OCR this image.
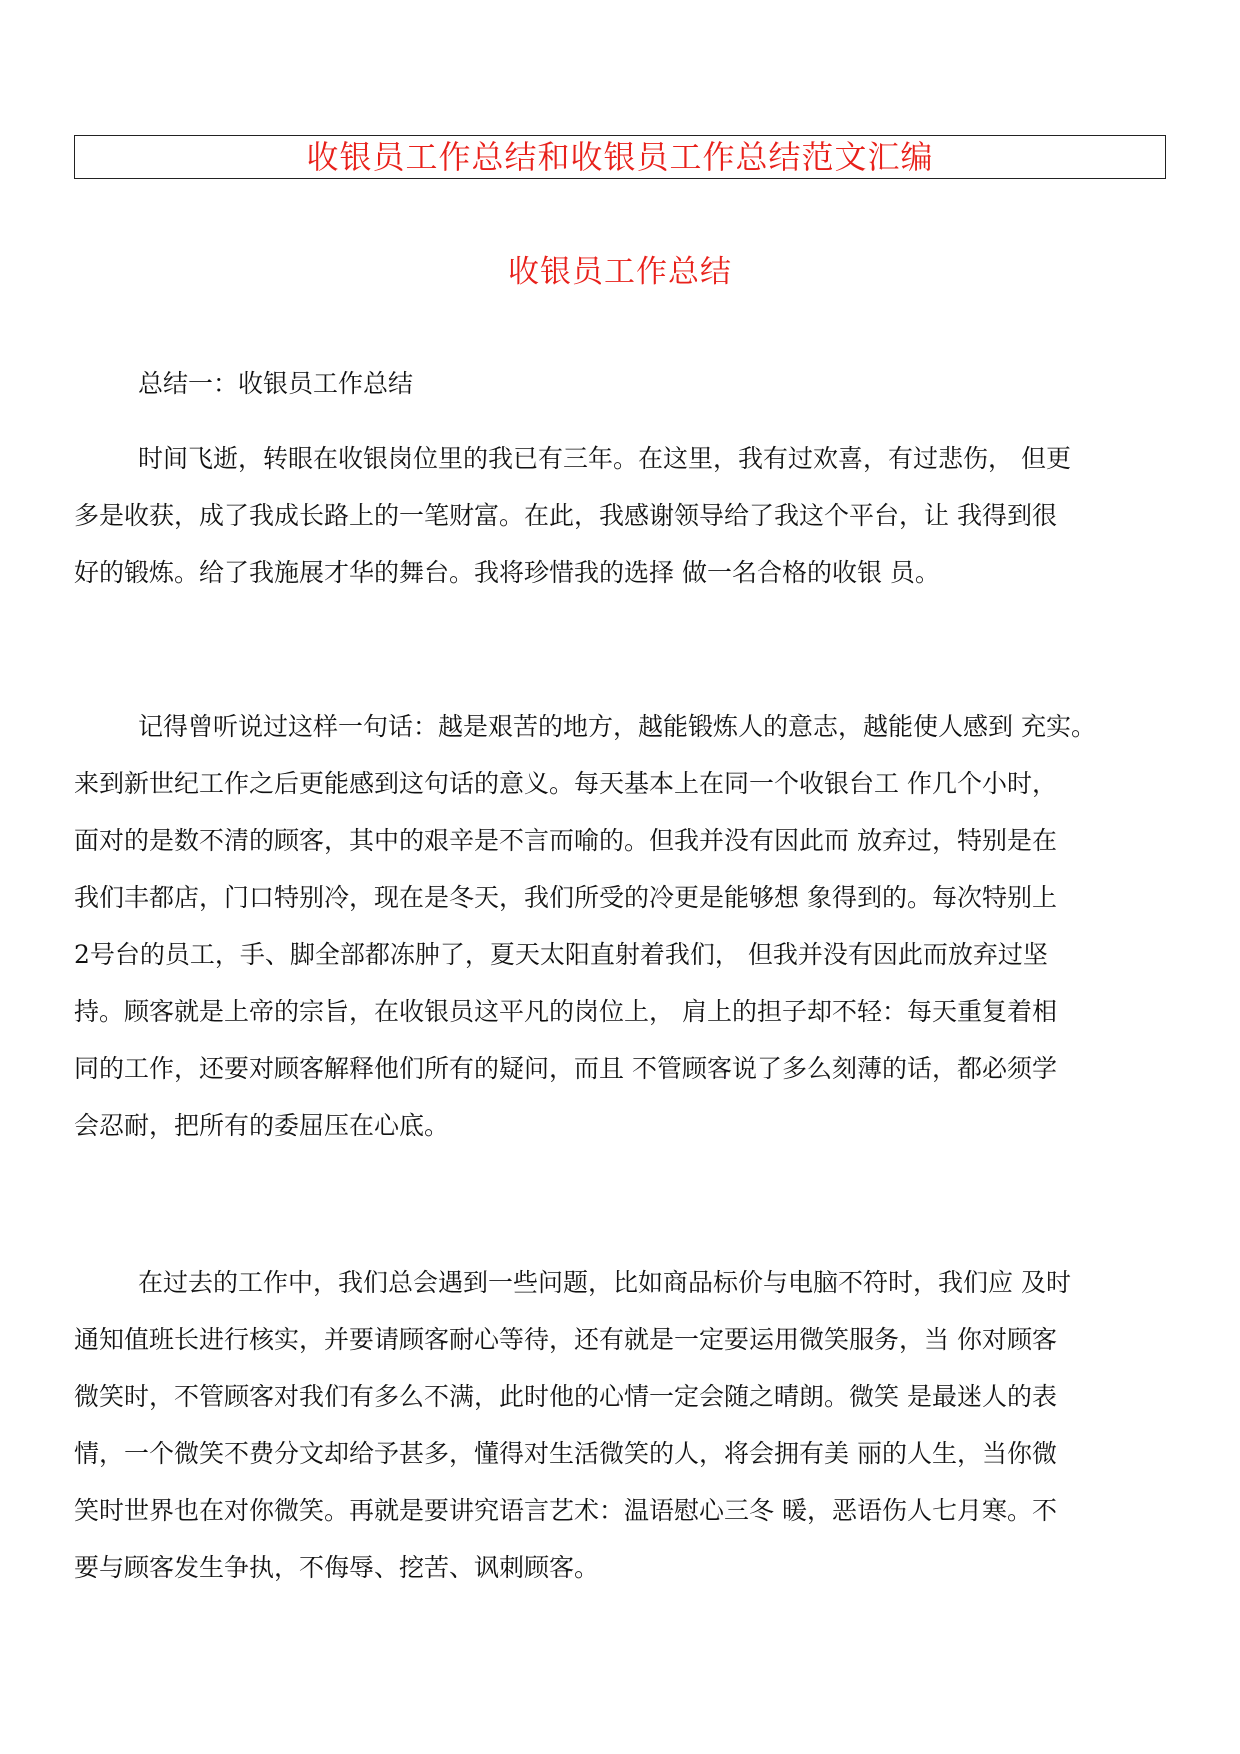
收银员工作总结和收银员工作总结范文汇编
收银员工作总结
总结一：收银员工作总结
时间飞逝，转眼在收银岗位里的我已有三年。在这里，我有过欢喜，有过悲伤， 但更
多是收获，成了我成长路上的一笔财富。在此，我感谢领导给了我这个平台，让 我得到很
好的锻炼。给了我施展才华的舞台。我将珍惜我的选择 做一名合格的收银 员。
记得曾听说过这样一句话：越是艰苦的地方，越能锻炼人的意志，越能使人感到 充实。
来到新世纪工作之后更能感到这句话的意义。每天基本上在同一个收银台工 作几个小时，
面对的是数不清的顾客，其中的艰辛是不言而喻的。但我并没有因此而 放弃过，特别是在
我们丰都店，门口特别冷，现在是冬天，我们所受的冷更是能够想 象得到的。每次特别上
2号台的员工，手、脚全部都冻肿了，夏天太阳直射着我们， 但我并没有因此而放弃过坚
持。顾客就是上帝的宗旨，在收银员这平凡的岗位上， 肩上的担子却不轻：每天重复着相
同的工作，还要对顾客解释他们所有的疑问，而且 不管顾客说了多么刻薄的话，都必须学
会忍耐，把所有的委屈压在心底。
在过去的工作中，我们总会遇到一些问题，比如商品标价与电脑不符时，我们应 及时
通知值班长进行核实，并要请顾客耐心等待，还有就是一定要运用微笑服务，当 你对顾客
微笑时，不管顾客对我们有多么不满，此时他的心情一定会随之晴朗。微笑 是最迷人的表
情，一个微笑不费分文却给予甚多，懂得对生活微笑的人，将会拥有美 丽的人生，当你微
笑时世界也在对你微笑。再就是要讲究语言艺术：温语慰心三冬 暖，恶语伤人七月寒。不
要与顾客发生争执，不侮辱、挖苦、讽刺顾客。
